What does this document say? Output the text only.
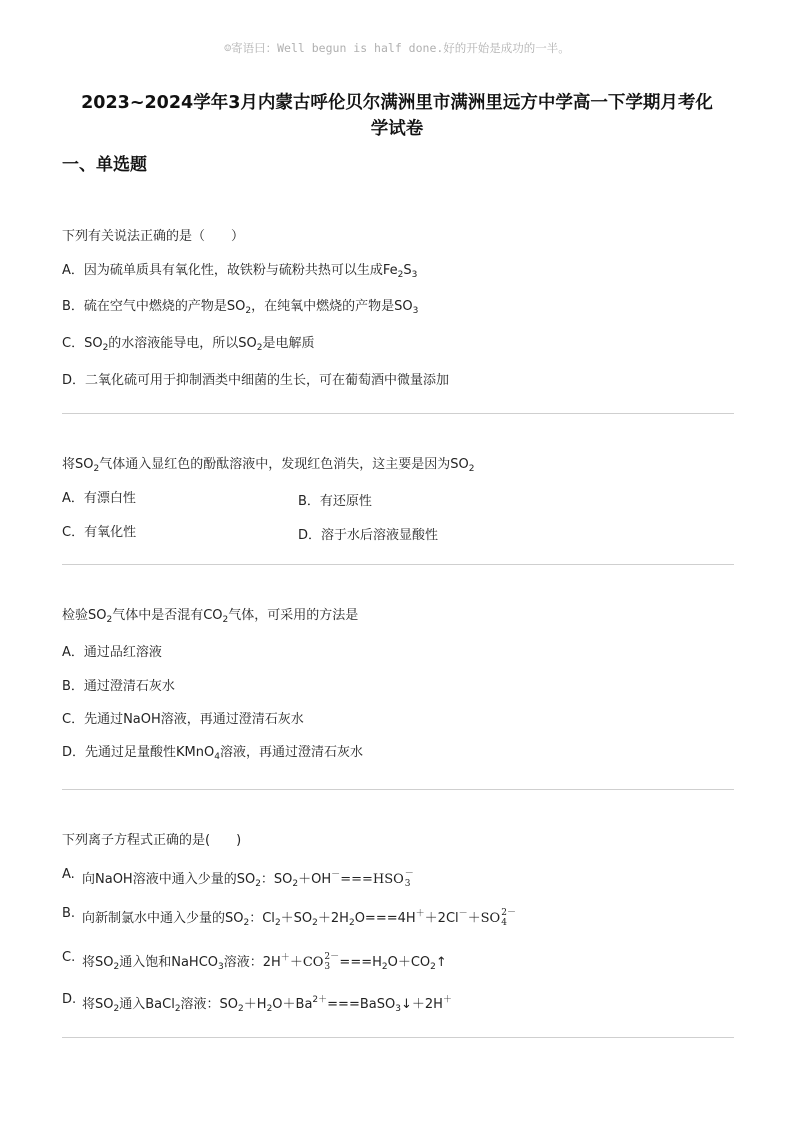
☺寄语曰：Well begun is half done.好的开始是成功的一半。
2023~2024学年3月内蒙古呼伦贝尔满洲里市满洲里远方中学高一下学期月考化
学试卷
一、单选题
下列有关说法正确的是（　　）
A．因为硫单质具有氧化性，故铁粉与硫粉共热可以生成$Fe_2S_3$
B．硫在空气中燃烧的产物是$SO_2$，在纯氧中燃烧的产物是$SO_3$
C．$SO_2$的水溶液能导电，所以$SO_2$是电解质
D．二氧化硫可用于抑制酒类中细菌的生长，可在葡萄酒中微量添加
将$SO_2$气体通入显红色的酚酞溶液中，发现红色消失，这主要是因为$SO_2$
A．有漂白性	B．有还原性
C．有氧化性	D．溶于水后溶液显酸性
检验$SO_2$气体中是否混有$CO_2$气体，可采用的方法是
A．通过品红溶液
B．通过澄清石灰水
C．先通过NaOH溶液，再通过澄清石灰水
D．先通过足量酸性KMnO$_4$溶液，再通过澄清石灰水
下列离子方程式正确的是(　　)
A. 向NaOH溶液中通入少量的$SO_2$：$SO_2+OH^-===HSO$ －
3
B. 向新制氯水中通入少量的$SO_2$：$Cl_2+SO_2+2H_2O===4H^++2Cl^-+SO$ 2－
4
C. 将$SO_2$通入饱和NaHCO$_3$溶液：2H＋＋CO 2－
$3 ===H_2O+CO_2↑$
D. 将$SO_2$通入BaCl$_2$溶液：$SO_2+H_2O+Ba^{2+}===BaSO_3↓+2H^+$
